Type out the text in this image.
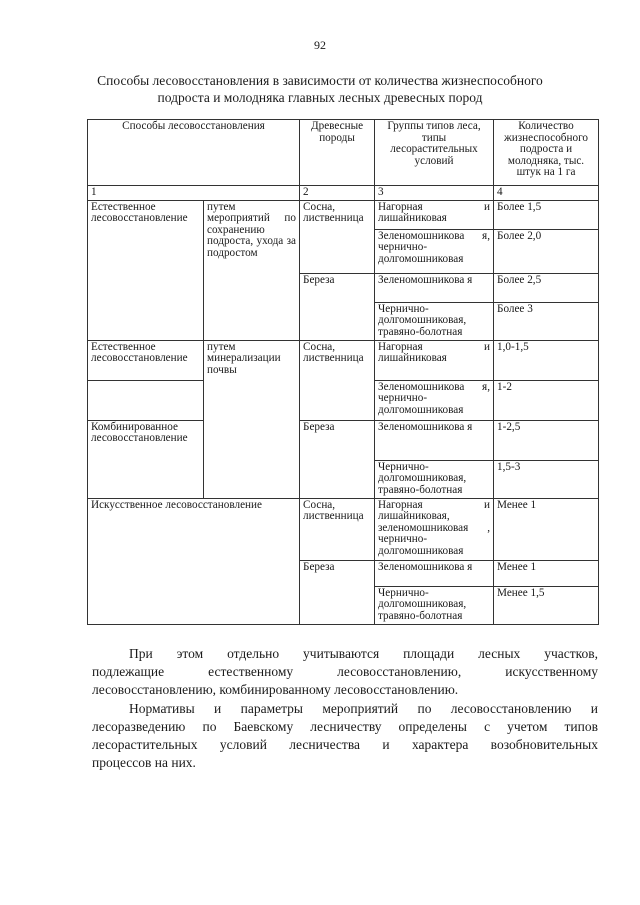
92
Способы лесовосстановления в зависимости от количества жизнеспособного
подроста и молодняка главных лесных древесных пород
Способы лесовосстановления		Древесные породы	Группы типов леса, типы лесорастительных условий	Количество жизнеспособного подроста и молодняка, тыс. штук на 1 га
1		2	3	4
Естественное лесовосстановление	путем мероприятий по сохранению подроста, ухода за подростом	Сосна, лиственница	Нагорная и лишайниковая	Более 1,5
			Зеленомошникова я, чернично-долгомошниковая	Более 2,0
		Береза	Зеленомошникова я	Более 2,5
			Чернично-долгомошниковая, травяно-болотная	Более 3
Естественное лесовосстановление	путем минерализации почвы	Сосна, лиственница	Нагорная и лишайниковая	1,0-1,5
			Зеленомошникова я, чернично-долгомошниковая	1-2
Комбинированное лесовосстановление		Береза	Зеленомошникова я	1-2,5
			Чернично-долгомошниковая, травяно-болотная	1,5-3
Искусственное лесовосстановление		Сосна, лиственница	Нагорная и лишайниковая, зеленомошниковая , чернично-долгомошниковая	Менее 1
		Береза	Зеленомошникова я	Менее 1
			Чернично-долгомошниковая, травяно-болотная	Менее 1,5
При этом отдельно учитываются площади лесных участков,
подлежащие естественному лесовосстановлению, искусственному
лесовосстановлению, комбинированному лесовосстановлению.
Нормативы и параметры мероприятий по лесовосстановлению и
лесоразведению по Баевскому лесничеству определены с учетом типов
лесорастительных условий лесничества и характера возобновительных
процессов на них.
